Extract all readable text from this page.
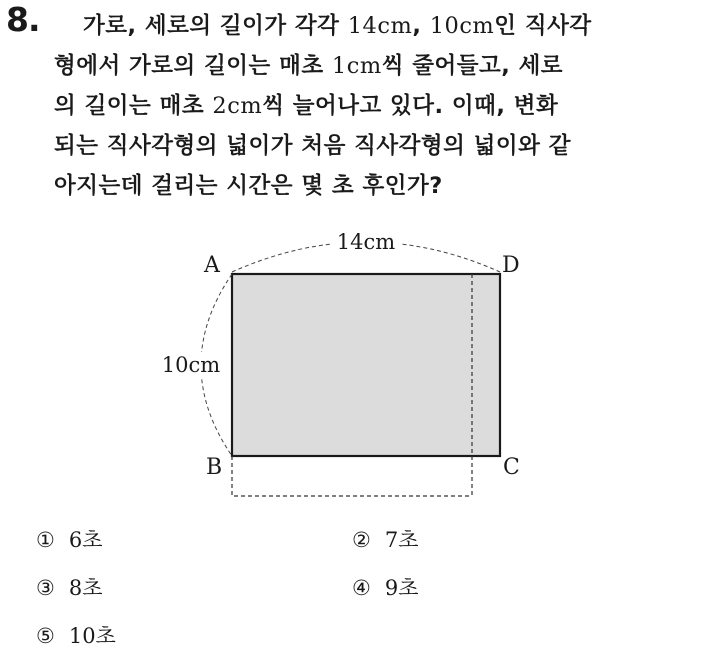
8. 가로, 세로의 길이가 각각 14cm, 10cm인 직사각
형에서 가로의 길이는 매초 1cm씩 줄어들고, 세로
의 길이는 매초 2cm씩 늘어나고 있다. 이때, 변화
되는 직사각형의 넓이가 처음 직사각형의 넓이와 같
아지는데 걸리는 시간은 몇 초 후인가?
14cm
10cm
A	D
B	C
① 6초	② 7초
③ 8초	④ 9초
⑤ 10초
